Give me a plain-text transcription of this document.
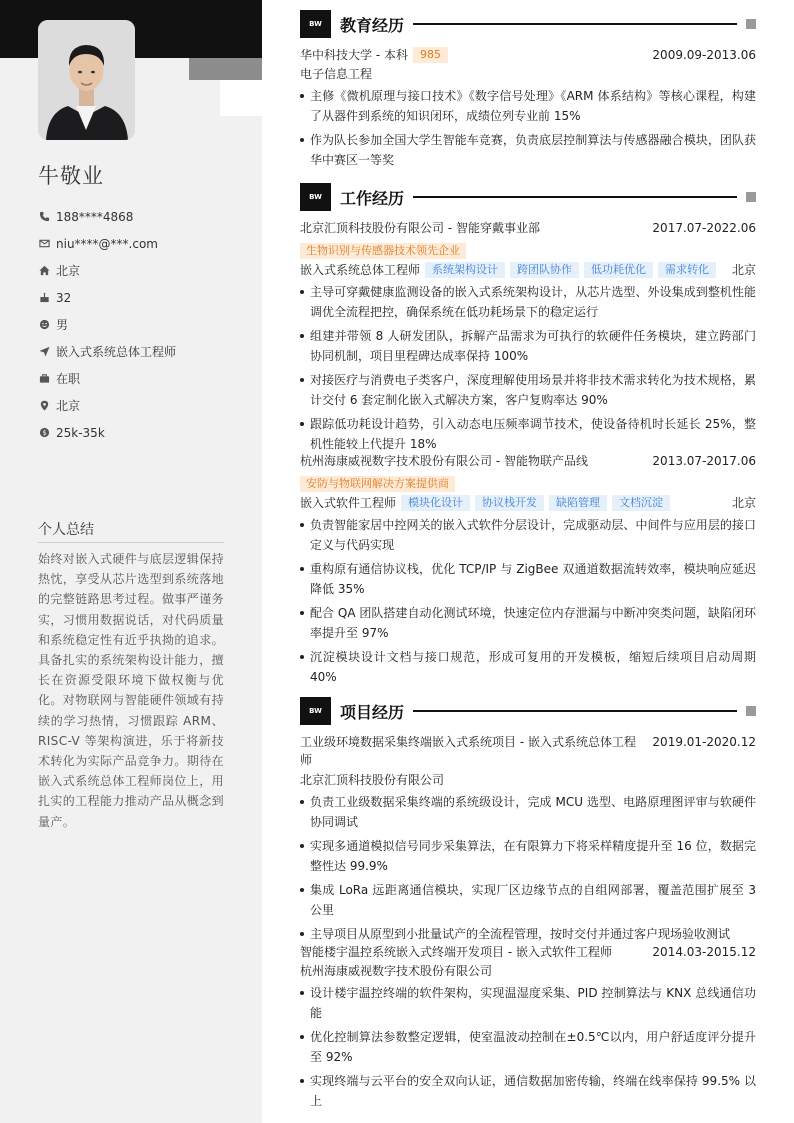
牛敬业
188****4868
niu****@***.com
北京
32
男
嵌入式系统总体工程师
在职
北京
$ 25k-35k
个人总结
始终对嵌入式硬件与底层逻辑保持热忱，享受从芯片选型到系统落地的完整链路思考过程。做事严谨务实，习惯用数据说话，对代码质量和系统稳定性有近乎执拗的追求。具备扎实的系统架构设计能力，擅长在资源受限环境下做权衡与优化。对物联网与智能硬件领域有持续的学习热情，习惯跟踪 ARM、RISC-V 等架构演进，乐于将新技术转化为实际产品竞争力。期待在嵌入式系统总体工程师岗位上，用扎实的工程能力推动产品从概念到量产。
BW	教育经历
华中科技大学 - 本科	985	2009.09-2013.06
电子信息工程
主修《微机原理与接口技术》《数字信号处理》《ARM 体系结构》等核心课程，构建了从器件到系统的知识闭环，成绩位列专业前 15%
作为队长参加全国大学生智能车竞赛，负责底层控制算法与传感器融合模块，团队获华中赛区一等奖
BW	工作经历
北京汇顶科技股份有限公司 - 智能穿戴事业部	2017.07-2022.06
生物识别与传感器技术领先企业
嵌入式系统总体工程师	系统架构设计	跨团队协作	低功耗优化	需求转化	北京
主导可穿戴健康监测设备的嵌入式系统架构设计，从芯片选型、外设集成到整机性能调优全流程把控，确保系统在低功耗场景下的稳定运行
组建并带领 8 人研发团队，拆解产品需求为可执行的软硬件任务模块，建立跨部门协同机制，项目里程碑达成率保持 100%
对接医疗与消费电子类客户，深度理解使用场景并将非技术需求转化为技术规格，累计交付 6 套定制化嵌入式解决方案，客户复购率达 90%
跟踪低功耗设计趋势，引入动态电压频率调节技术，使设备待机时长延长 25%，整机性能较上代提升 18%
杭州海康威视数字技术股份有限公司 - 智能物联产品线	2013.07-2017.06
安防与物联网解决方案提供商
嵌入式软件工程师	模块化设计	协议栈开发	缺陷管理	文档沉淀	北京
负责智能家居中控网关的嵌入式软件分层设计，完成驱动层、中间件与应用层的接口定义与代码实现
重构原有通信协议栈，优化 TCP/IP 与 ZigBee 双通道数据流转效率，模块响应延迟降低 35%
配合 QA 团队搭建自动化测试环境，快速定位内存泄漏与中断冲突类问题，缺陷闭环率提升至 97%
沉淀模块设计文档与接口规范，形成可复用的开发模板，缩短后续项目启动周期 40%
BW	项目经历
工业级环境数据采集终端嵌入式系统项目 - 嵌入式系统总体工程师
2019.01-2020.12
北京汇顶科技股份有限公司
负责工业级数据采集终端的系统级设计，完成 MCU 选型、电路原理图评审与软硬件协同调试
实现多通道模拟信号同步采集算法，在有限算力下将采样精度提升至 16 位，数据完整性达 99.9%
集成 LoRa 远距离通信模块，实现厂区边缘节点的自组网部署，覆盖范围扩展至 3 公里
主导项目从原型到小批量试产的全流程管理，按时交付并通过客户现场验收测试
智能楼宇温控系统嵌入式终端开发项目 - 嵌入式软件工程师	2014.03-2015.12
杭州海康威视数字技术股份有限公司
设计楼宇温控终端的软件架构，实现温湿度采集、PID 控制算法与 KNX 总线通信功能
优化控制算法参数整定逻辑，使室温波动控制在±0.5℃以内，用户舒适度评分提升至 92%
实现终端与云平台的安全双向认证，通信数据加密传输，终端在线率保持 99.5% 以上
